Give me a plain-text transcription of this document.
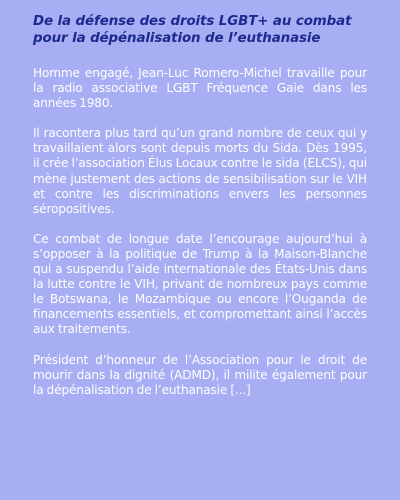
De la défense des droits LGBT+ au combat pour la dépénalisation de l’euthanasie

Homme engagé, Jean-Luc Romero-Michel travaille pour la radio associative LGBT Fréquence Gaie dans les années 1980.

Il racontera plus tard qu’un grand nombre de ceux qui y travaillaient alors sont depuis morts du Sida. Dès 1995, il crée l’association Élus Locaux contre le sida (ELCS), qui mène justement des actions de sensibilisation sur le VIH et contre les discriminations envers les personnes séropositives.

Ce combat de longue date l’encourage aujourd’hui à s’opposer à la politique de Trump à la Maison-Blanche qui a suspendu l’aide internationale des États-Unis dans la lutte contre le VIH, privant de nombreux pays comme le Botswana, le Mozambique ou encore l’Ouganda de financements essentiels, et compromettant ainsi l’accès aux traitements.

Président d’honneur de l’Association pour le droit de mourir dans la dignité (ADMD), il milite également pour la dépénalisation de l’euthanasie [...]
